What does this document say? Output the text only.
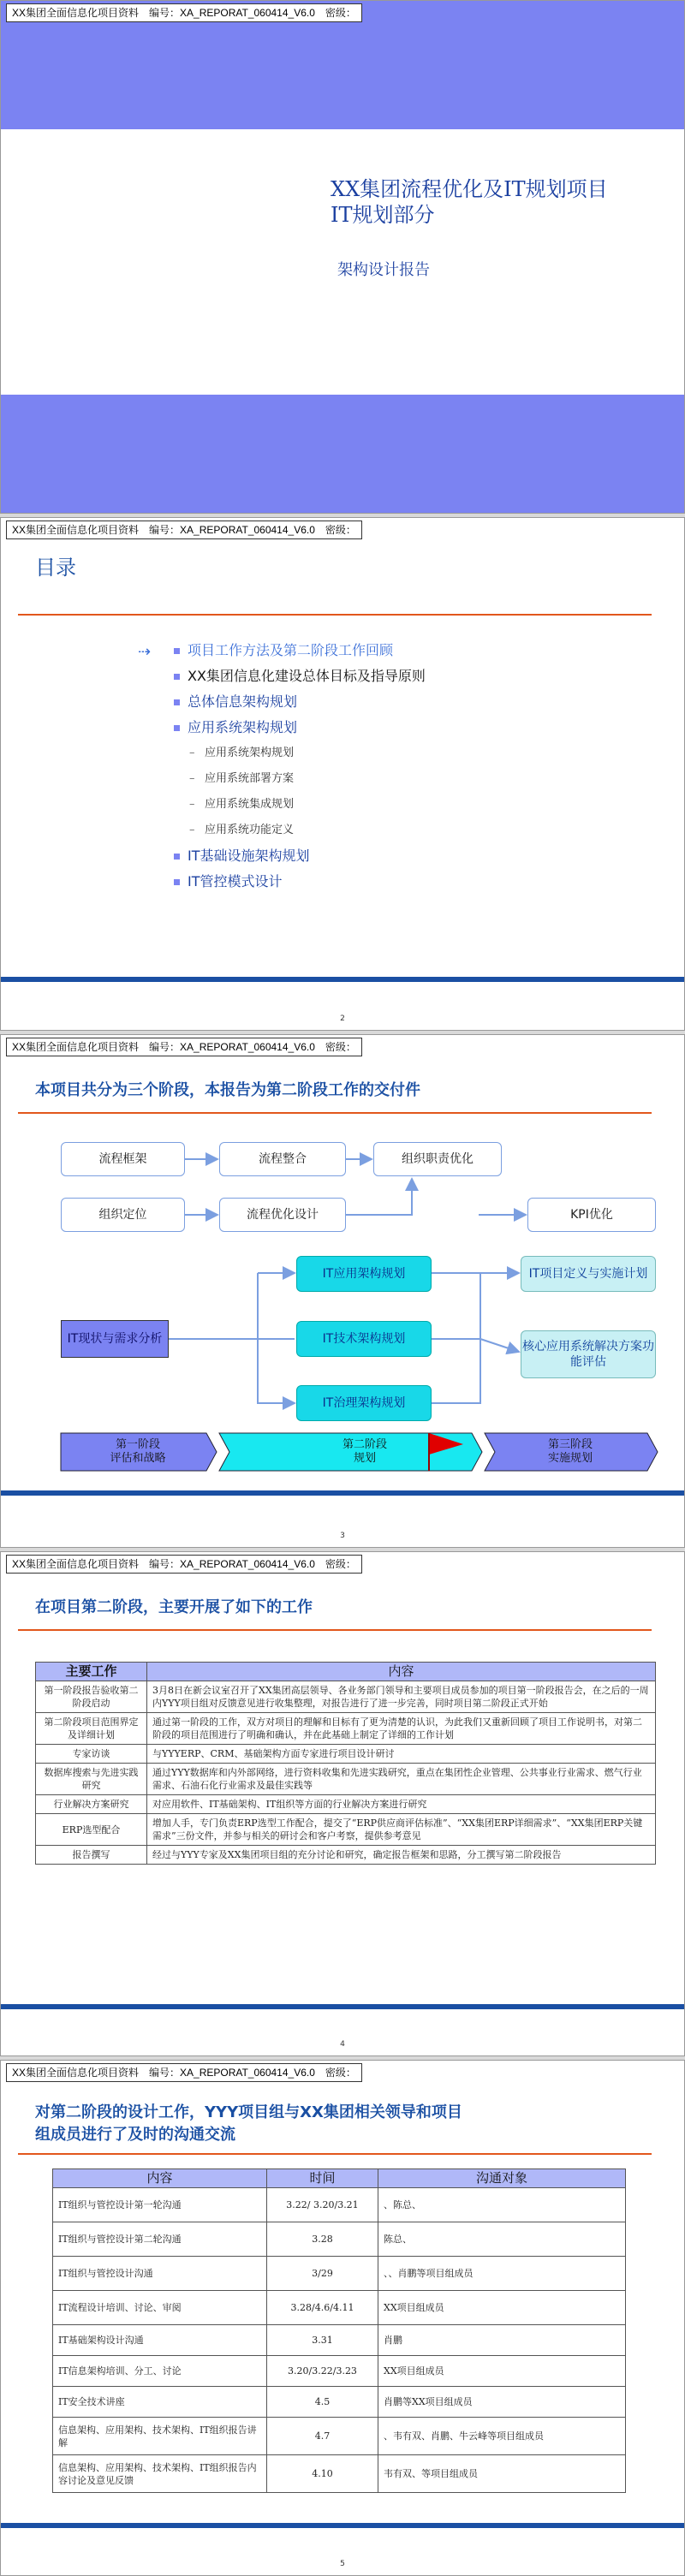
XX集团全面信息化项目资料　编号：XA_REPORAT_060414_V6.0　密级：
XX集团流程优化及IT规划项目
IT规划部分
架构设计报告
XX集团全面信息化项目资料　编号：XA_REPORAT_060414_V6.0　密级：
目录
⇢	项目工作方法及第二阶段工作回顾
XX集团信息化建设总体目标及指导原则
总体信息架构规划
应用系统架构规划
– 应用系统架构规划
– 应用系统部署方案
– 应用系统集成规划
– 应用系统功能定义
IT基础设施架构规划
IT管控模式设计
2
XX集团全面信息化项目资料　编号：XA_REPORAT_060414_V6.0　密级：
本项目共分为三个阶段，本报告为第二阶段工作的交付件
流程框架	流程整合	组织职责优化
组织定位	流程优化设计	KPI优化
IT应用架构规划	IT项目定义与实施计划
IT现状与需求分析	IT技术架构规划
核心应用系统解决方案功能评估
IT治理架构规划
第一阶段
评估和战略
第二阶段
规划
第三阶段
实施规划
3
XX集团全面信息化项目资料　编号：XA_REPORAT_060414_V6.0　密级：
在项目第二阶段，主要开展了如下的工作
主要工作	内容
第一阶段报告验收第二阶段启动	3月8日在新会议室召开了XX集团高层领导、各业务部门领导和主要项目成员参加的项目第一阶段报告会，在之后的一周内YYY项目组对反馈意见进行收集整理，对报告进行了进一步完善，同时项目第二阶段正式开始
第二阶段项目范围界定及详细计划	通过第一阶段的工作，双方对项目的理解和目标有了更为清楚的认识，为此我们又重新回顾了项目工作说明书，对第二阶段的项目范围进行了明确和确认，并在此基础上制定了详细的工作计划
专家访谈	与YYYERP、CRM、基础架构方面专家进行项目设计研讨
数据库搜索与先进实践研究	通过YYY数据库和内外部网络，进行资料收集和先进实践研究，重点在集团性企业管理、公共事业行业需求、燃气行业需求、石油石化行业需求及最佳实践等
行业解决方案研究	对应用软件、IT基础架构、IT组织等方面的行业解决方案进行研究
ERP选型配合	增加人手，专门负责ERP选型工作配合，提交了“ERP供应商评估标准”、“XX集团ERP详细需求”、“XX集团ERP关键需求”三份文件，并参与相关的研讨会和客户考察，提供参考意见
报告撰写	经过与YYY专家及XX集团项目组的充分讨论和研究，确定报告框架和思路，分工撰写第二阶段报告
4
XX集团全面信息化项目资料　编号：XA_REPORAT_060414_V6.0　密级：
对第二阶段的设计工作，YYY项目组与XX集团相关领导和项目
组成员进行了及时的沟通交流
内容	时间	沟通对象
IT组织与管控设计第一轮沟通	3.22/ 3.20/3.21	、陈总、
IT组织与管控设计第二轮沟通	3.28	陈总、
IT组织与管控设计沟通	3/29	、、肖鹏等项目组成员
IT流程设计培训、讨论、审阅	3.28/4.6/4.11	XX项目组成员
IT基础架构设计沟通	3.31	肖鹏
IT信息架构培训、分工、讨论	3.20/3.22/3.23	XX项目组成员
IT安全技术讲座	4.5	肖鹏等XX项目组成员
信息架构、应用架构、技术架构、IT组织报告讲解	4.7	、韦有双、肖鹏、牛云峰等项目组成员
信息架构、应用架构、技术架构、IT组织报告内容讨论及意见反馈	4.10	韦有双、等项目组成员
5
